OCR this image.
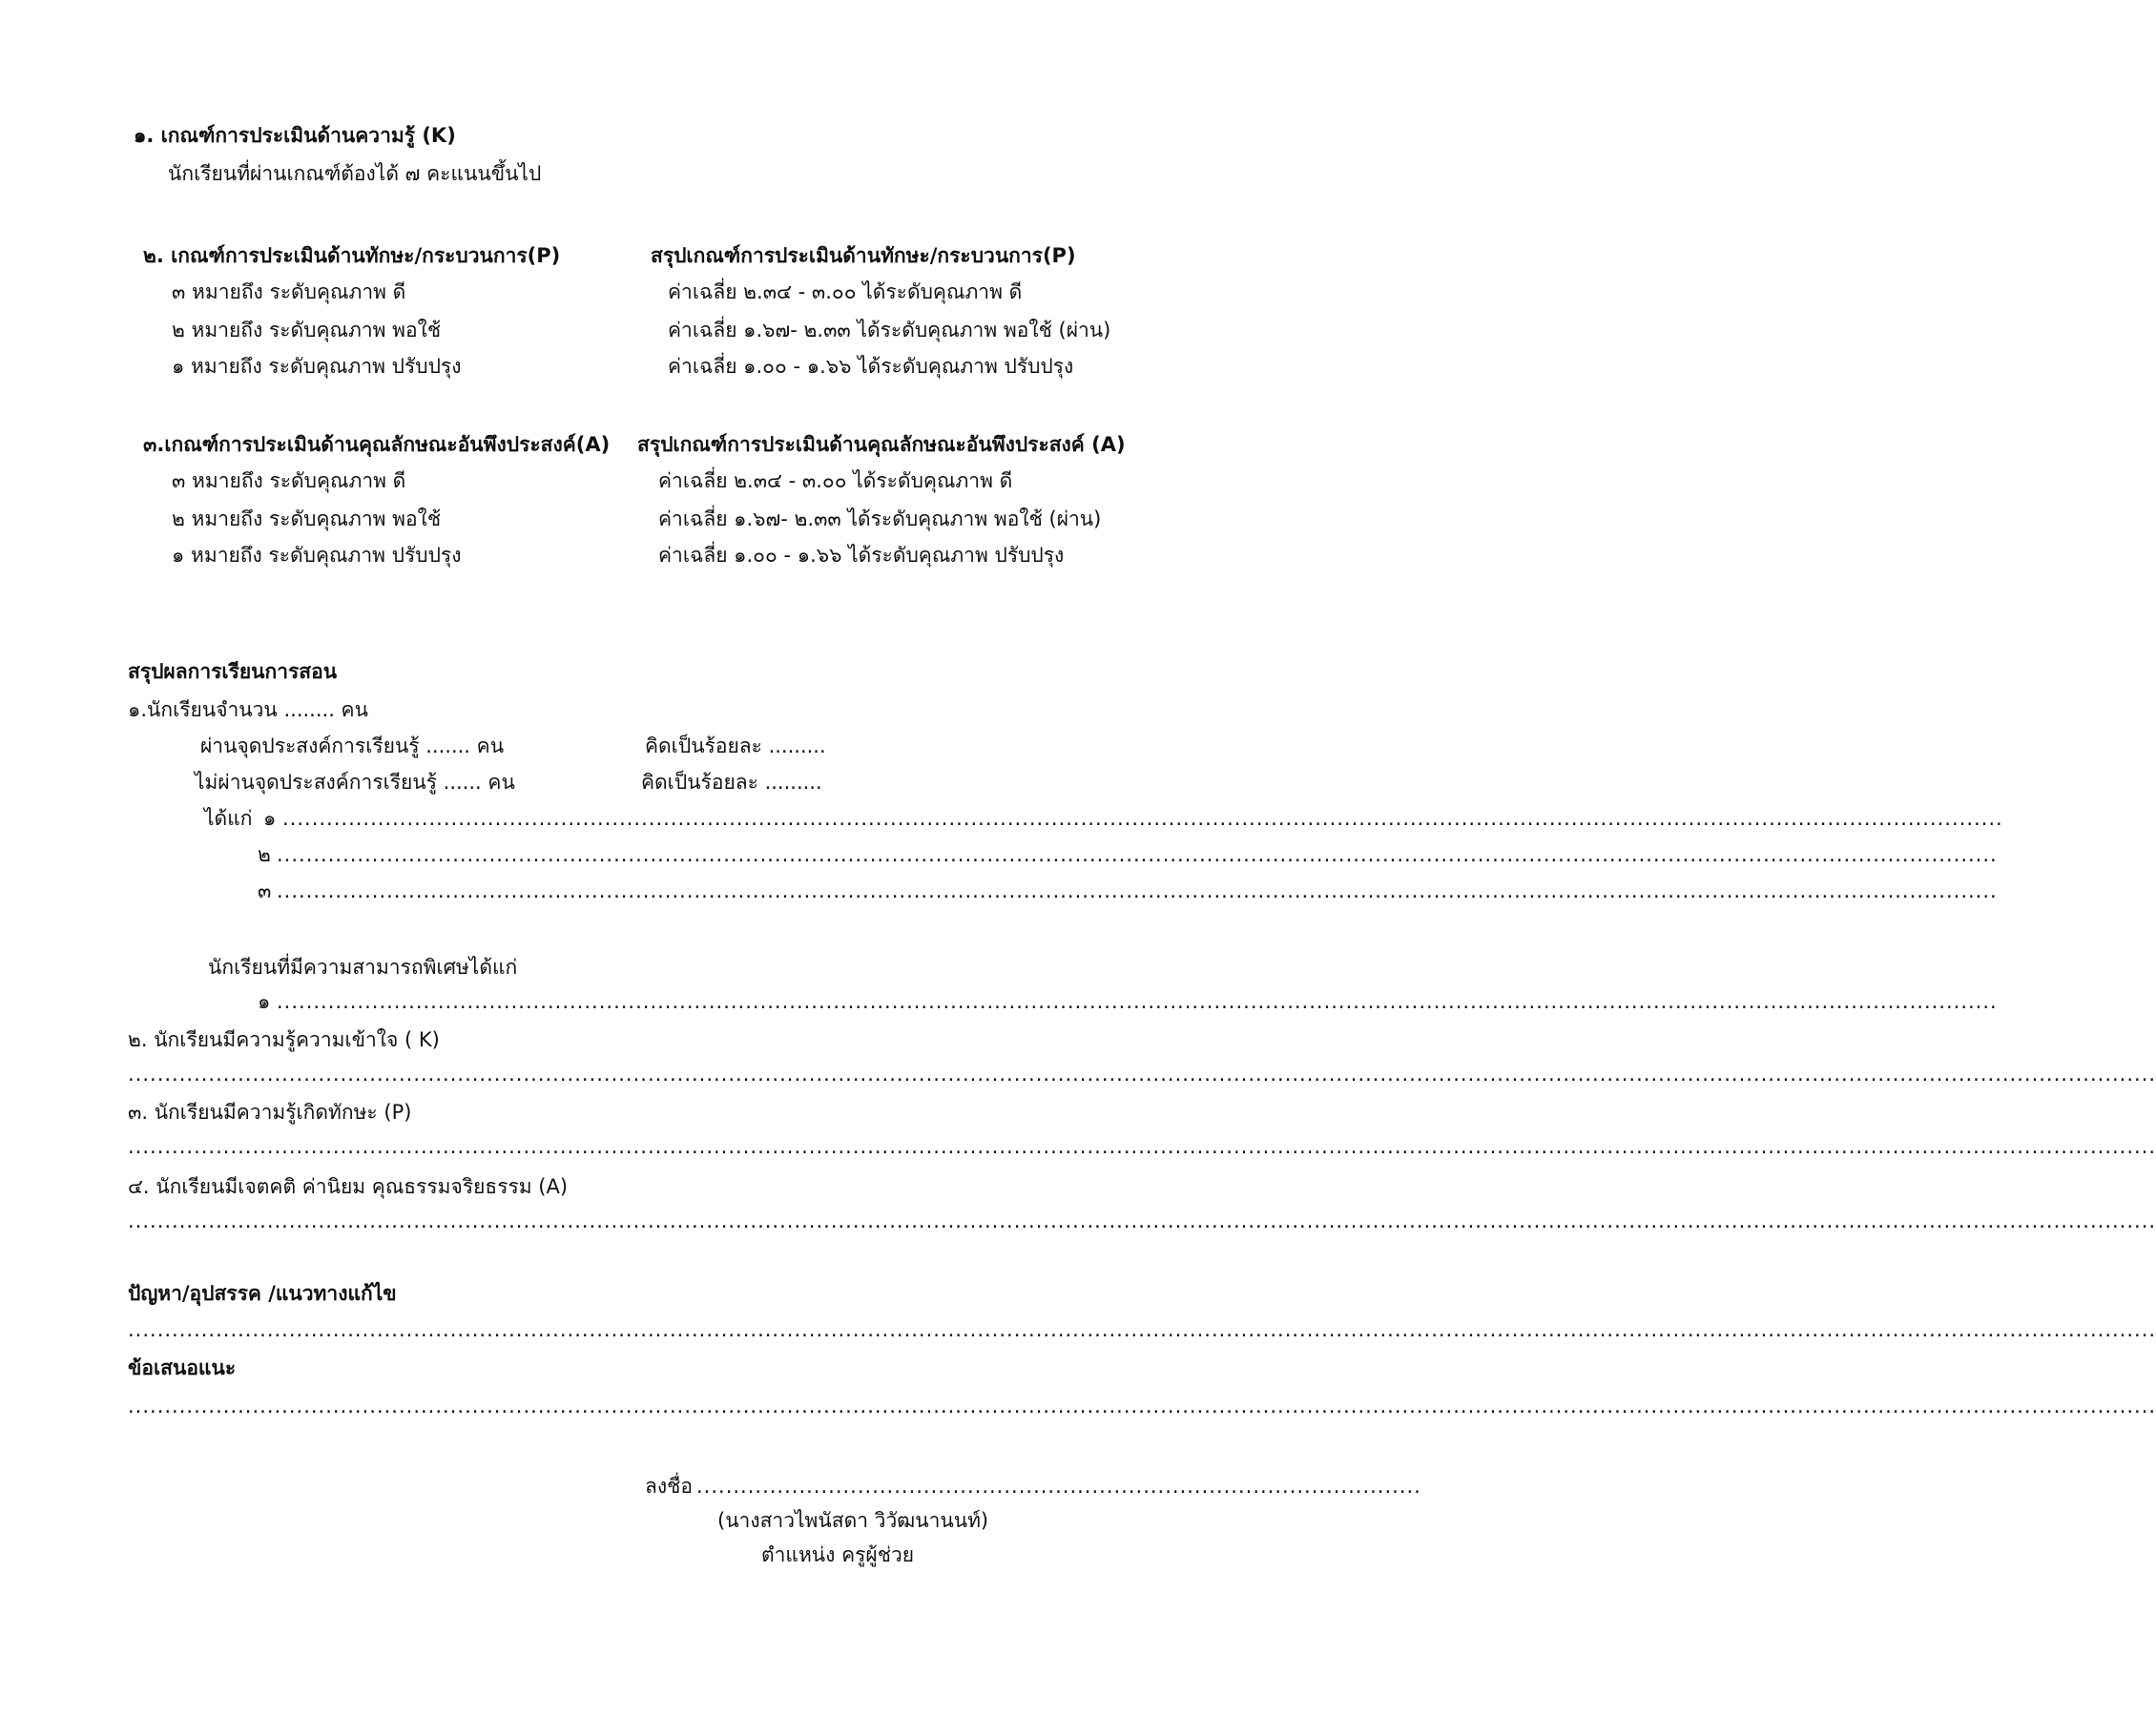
๑. เกณฑ์การประเมินด้านความรู้ (K)
นักเรียนที่ผ่านเกณฑ์ต้องได้ ๗ คะแนนขึ้นไป
๒. เกณฑ์การประเมินด้านทักษะ/กระบวนการ(P)
๓ หมายถึง ระดับคุณภาพ ดี
๒ หมายถึง ระดับคุณภาพ พอใช้
๑ หมายถึง ระดับคุณภาพ ปรับปรุง
สรุปเกณฑ์การประเมินด้านทักษะ/กระบวนการ(P)
ค่าเฉลี่ย ๒.๓๔ - ๓.๐๐ ได้ระดับคุณภาพ ดี
ค่าเฉลี่ย ๑.๖๗- ๒.๓๓ ได้ระดับคุณภาพ พอใช้ (ผ่าน)
ค่าเฉลี่ย ๑.๐๐ - ๑.๖๖ ได้ระดับคุณภาพ ปรับปรุง
๓.เกณฑ์การประเมินด้านคุณลักษณะอันพึงประสงค์(A)
๓ หมายถึง ระดับคุณภาพ ดี
๒ หมายถึง ระดับคุณภาพ พอใช้
๑ หมายถึง ระดับคุณภาพ ปรับปรุง
สรุปเกณฑ์การประเมินด้านคุณลักษณะอันพึงประสงค์ (A)
ค่าเฉลี่ย ๒.๓๔ - ๓.๐๐ ได้ระดับคุณภาพ ดี
ค่าเฉลี่ย ๑.๖๗- ๒.๓๓ ได้ระดับคุณภาพ พอใช้ (ผ่าน)
ค่าเฉลี่ย ๑.๐๐ - ๑.๖๖ ได้ระดับคุณภาพ ปรับปรุง
สรุปผลการเรียนการสอน
๑.นักเรียนจำนวน ........ คน
ผ่านจุดประสงค์การเรียนรู้ ....... คน	คิดเป็นร้อยละ .........
ไม่ผ่านจุดประสงค์การเรียนรู้ ...... คน	คิดเป็นร้อยละ .........
ได้แก่ ๑ ...........................................................................................................................................................................................................................................
๒ ...........................................................................................................................................................................................................................................
๓ ...........................................................................................................................................................................................................................................
นักเรียนที่มีความสามารถพิเศษได้แก่
๑ ...........................................................................................................................................................................................................................................
๒. นักเรียนมีความรู้ความเข้าใจ ( K)
.....................................................................................................................................................................................................................................................................................
๓. นักเรียนมีความรู้เกิดทักษะ (P)
.....................................................................................................................................................................................................................................................................................
๔. นักเรียนมีเจตคติ ค่านิยม คุณธรรมจริยธรรม (A)
.....................................................................................................................................................................................................................................................................................
ปัญหา/อุปสรรค /แนวทางแก้ไข
.....................................................................................................................................................................................................................................................................................
ข้อเสนอแนะ
.....................................................................................................................................................................................................................................................................................
ลงชื่อ ...................................................................................................
(นางสาวไพนัสดา วิวัฒนานนท์)
ตำแหน่ง ครูผู้ช่วย
